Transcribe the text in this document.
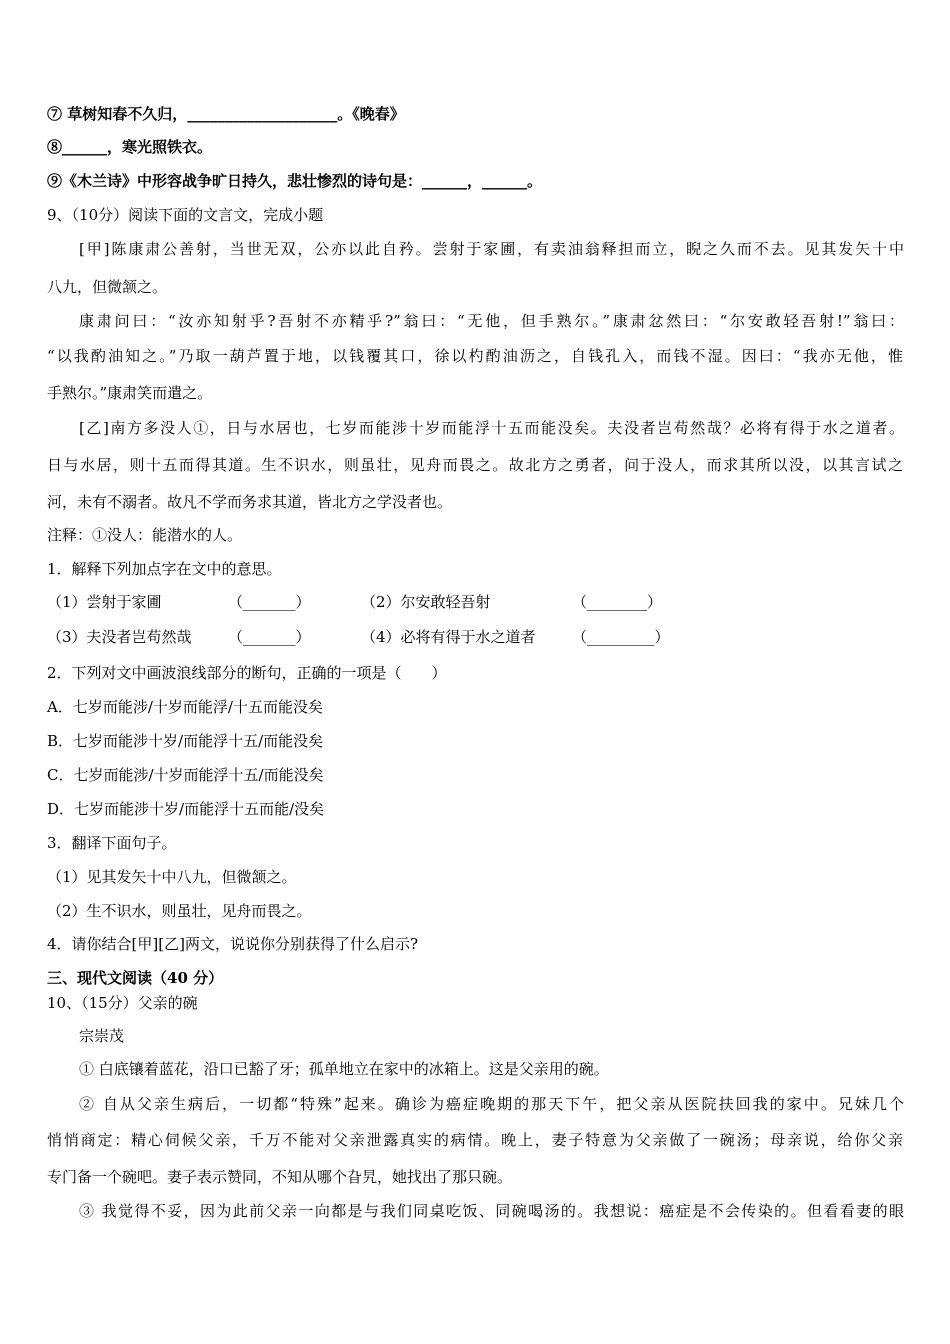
⑦ 草树知春不久归，____________________。《晚春》
⑧______，寒光照铁衣。
⑨《木兰诗》中形容战争旷日持久，悲壮惨烈的诗句是：______，______。
9、（10分）阅读下面的文言文，完成小题
[甲]陈康肃公善射，当世无双，公亦以此自矜。尝射于家圃，有卖油翁释担而立，睨之久而不去。见其发矢十中
八九，但微颔之。
康肃问曰：“汝亦知射乎?吾射不亦精乎?”翁曰：“无他，但手熟尔。”康肃忿然曰：“尔安敢轻吾射!”翁曰：
“以我酌油知之。”乃取一葫芦置于地，以钱覆其口，徐以杓酌油沥之，自钱孔入，而钱不湿。因曰：“我亦无他，惟
手熟尔。”康肃笑而遣之。
[乙]南方多没人①，日与水居也，七岁而能涉十岁而能浮十五而能没矣。夫没者岂苟然哉？必将有得于水之道者。
日与水居，则十五而得其道。生不识水，则虽壮，见舟而畏之。故北方之勇者，问于没人，而求其所以没，以其言试之
河，未有不溺者。故凡不学而务求其道，皆北方之学没者也。
注释：①没人：能潜水的人。
1．解释下列加点字在文中的意思。
（1）尝射于家圃	（_______）	（2）尔安敢轻吾射	（________）
（3）夫没者岂苟然哉 （_______）	（4）必将有得于水之道者 （_________）
2．下列对文中画波浪线部分的断句，正确的一项是（　　）
A．七岁而能涉/十岁而能浮/十五而能没矣
B．七岁而能涉十岁/而能浮十五/而能没矣
C．七岁而能涉/十岁而能浮十五/而能没矣
D．七岁而能涉十岁/而能浮十五而能/没矣
3．翻译下面句子。
（1）见其发矢十中八九，但微颔之。
（2）生不识水，则虽壮，见舟而畏之。
4．请你结合[甲][乙]两文，说说你分别获得了什么启示?
三、现代文阅读（40 分）
10、（15分）父亲的碗
宗崇茂
① 白底镶着蓝花，沿口已豁了牙；孤单地立在家中的冰箱上。这是父亲用的碗。
② 自从父亲生病后，一切都“特殊”起来。确诊为癌症晚期的那天下午，把父亲从医院扶回我的家中。兄妹几个
悄悄商定：精心伺候父亲，千万不能对父亲泄露真实的病情。晚上，妻子特意为父亲做了一碗汤；母亲说，给你父亲
专门备一个碗吧。妻子表示赞同，不知从哪个旮旯，她找出了那只碗。
③ 我觉得不妥，因为此前父亲一向都是与我们同桌吃饭、同碗喝汤的。我想说：癌症是不会传染的。但看看妻的眼
